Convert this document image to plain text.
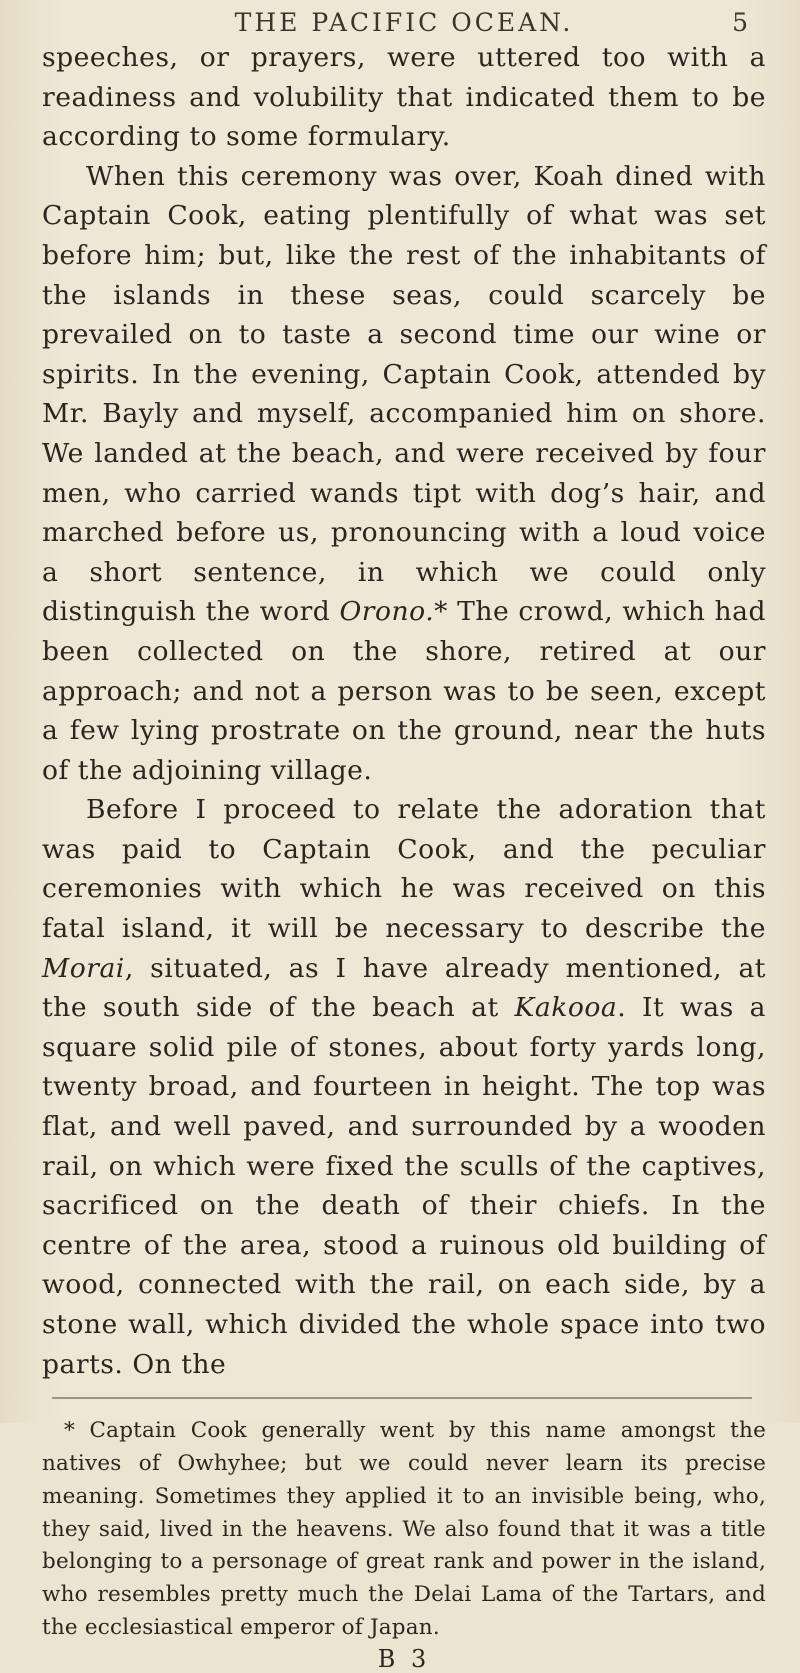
THE PACIFIC OCEAN.	5

speeches, or prayers, were uttered too with a readiness and volubility that indicated them to be according to some formulary.

When this ceremony was over, Koah dined with Captain Cook, eating plentifully of what was set before him; but, like the rest of the inhabitants of the islands in these seas, could scarcely be prevailed on to taste a second time our wine or spirits. In the evening, Captain Cook, attended by Mr. Bayly and myself, accompanied him on shore. We landed at the beach, and were received by four men, who carried wands tipt with dog’s hair, and marched before us, pronouncing with a loud voice a short sentence, in which we could only distinguish the word Orono.* The crowd, which had been collected on the shore, retired at our approach; and not a person was to be seen, except a few lying prostrate on the ground, near the huts of the adjoining village.

Before I proceed to relate the adoration that was paid to Captain Cook, and the peculiar ceremonies with which he was received on this fatal island, it will be necessary to describe the Morai, situated, as I have already mentioned, at the south side of the beach at Kakooa. It was a square solid pile of stones, about forty yards long, twenty broad, and fourteen in height. The top was flat, and well paved, and surrounded by a wooden rail, on which were fixed the sculls of the captives, sacrificed on the death of their chiefs. In the centre of the area, stood a ruinous old building of wood, connected with the rail, on each side, by a stone wall, which divided the whole space into two parts. On the

* Captain Cook generally went by this name amongst the natives of Owhyhee; but we could never learn its precise meaning. Sometimes they applied it to an invisible being, who, they said, lived in the heavens. We also found that it was a title belonging to a personage of great rank and power in the island, who resembles pretty much the Delai Lama of the Tartars, and the ecclesiastical emperor of Japan.

B 3
